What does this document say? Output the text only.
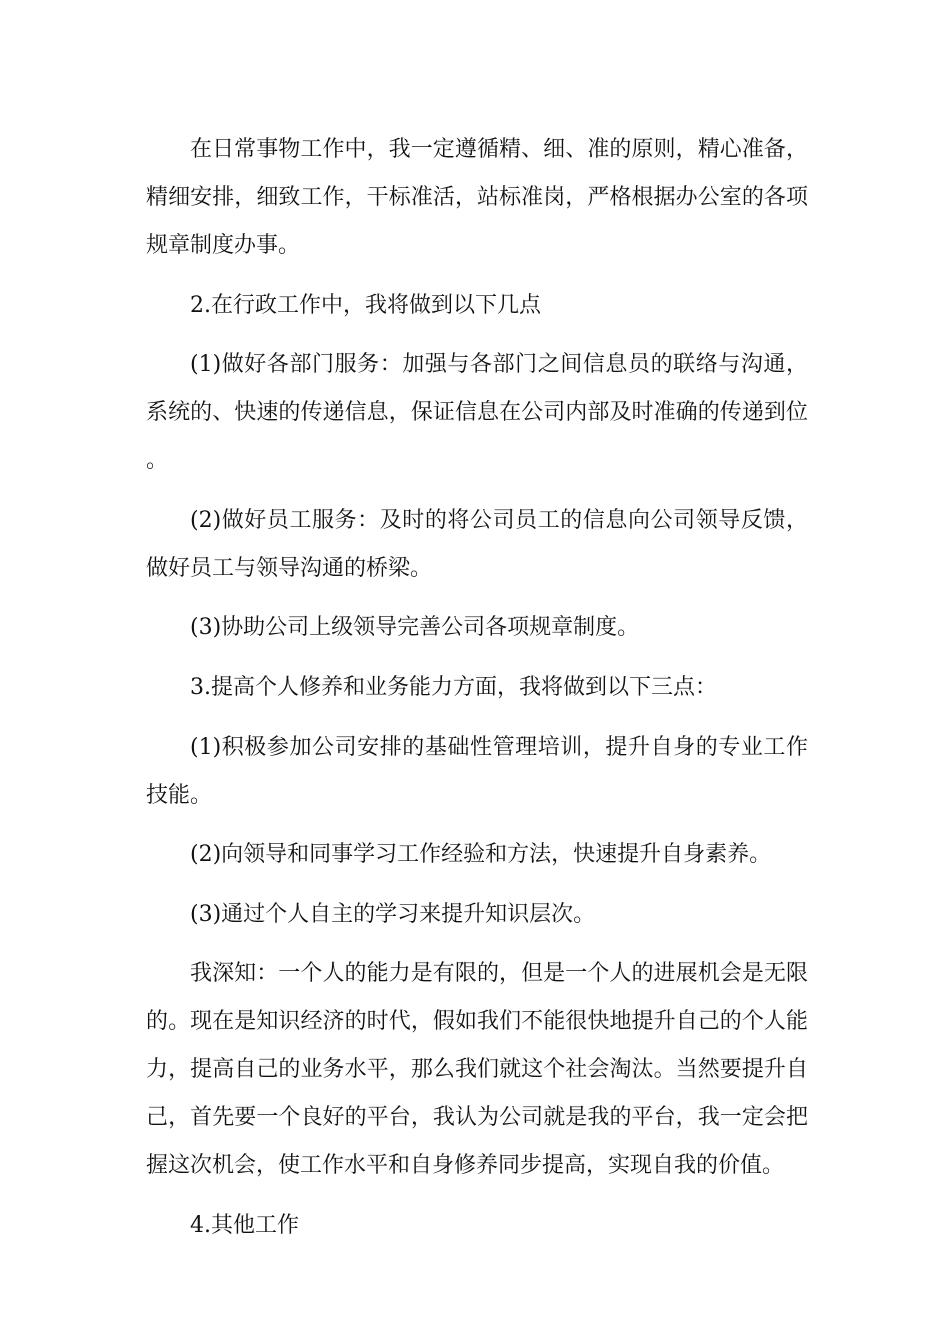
在日常事物工作中，我一定遵循精、细、准的原则，精心准备，精细安排，细致工作，干标准活，站标准岗，严格根据办公室的各项规章制度办事。

2.在行政工作中，我将做到以下几点

(1)做好各部门服务：加强与各部门之间信息员的联络与沟通，系统的、快速的传递信息，保证信息在公司内部及时准确的传递到位。

(2)做好员工服务：及时的将公司员工的信息向公司领导反馈，做好员工与领导沟通的桥梁。

(3)协助公司上级领导完善公司各项规章制度。

3.提高个人修养和业务能力方面，我将做到以下三点：

(1)积极参加公司安排的基础性管理培训，提升自身的专业工作技能。

(2)向领导和同事学习工作经验和方法，快速提升自身素养。

(3)通过个人自主的学习来提升知识层次。

我深知：一个人的能力是有限的，但是一个人的进展机会是无限的。现在是知识经济的时代，假如我们不能很快地提升自己的个人能力，提高自己的业务水平，那么我们就这个社会淘汰。当然要提升自己，首先要一个良好的平台，我认为公司就是我的平台，我一定会把握这次机会，使工作水平和自身修养同步提高，实现自我的价值。

4.其他工作
